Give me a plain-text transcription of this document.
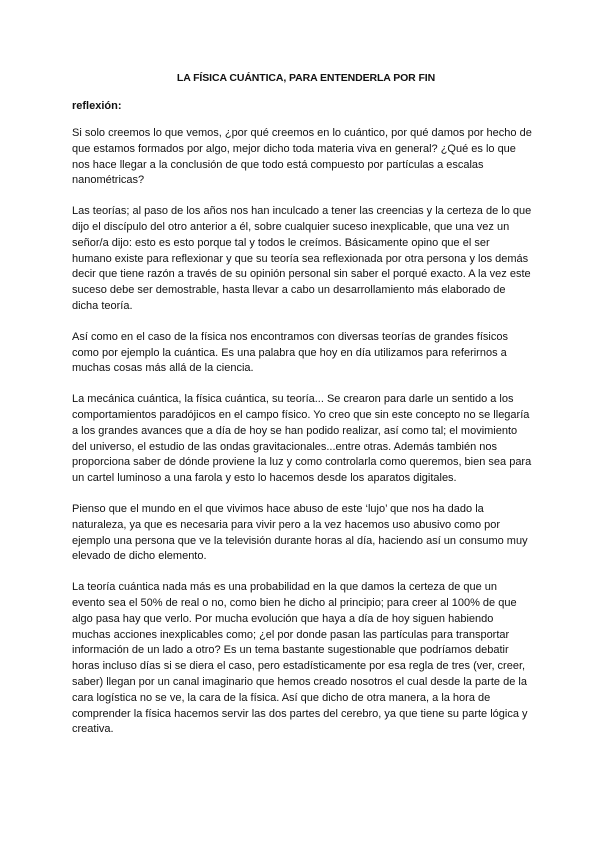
LA FÍSICA CUÁNTICA, PARA ENTENDERLA POR FIN
reflexión:

Si solo creemos lo que vemos, ¿por qué creemos en lo cuántico, por qué damos por hecho de que estamos formados por algo, mejor dicho toda materia viva en general? ¿Qué es lo que nos hace llegar a la conclusión de que todo está compuesto por partículas a escalas nanométricas?

Las teorías; al paso de los años nos han inculcado a tener las creencias y la certeza de lo que dijo el discípulo del otro anterior a él, sobre cualquier suceso inexplicable, que una vez un señor/a dijo: esto es esto porque tal y todos le creímos. Básicamente opino que el ser humano existe para reflexionar y que su teoría sea reflexionada por otra persona y los demás decir que tiene razón a través de su opinión personal sin saber el porqué exacto. A la vez este suceso debe ser demostrable, hasta llevar a cabo un desarrollamiento más elaborado de dicha teoría.

Así como en el caso de la física nos encontramos con diversas teorías de grandes físicos como por ejemplo la cuántica. Es una palabra que hoy en día utilizamos para referirnos a muchas cosas más allá de la ciencia.

La mecánica cuántica, la física cuántica, su teoría... Se crearon para darle un sentido a los comportamientos paradójicos en el campo físico. Yo creo que sin este concepto no se llegaría a los grandes avances que a día de hoy se han podido realizar, así como tal; el movimiento del universo, el estudio de las ondas gravitacionales...entre otras. Además también nos proporciona saber de dónde proviene la luz y como controlarla como queremos, bien sea para un cartel luminoso a una farola y esto lo hacemos desde los aparatos digitales.

Pienso que el mundo en el que vivimos hace abuso de este ‘lujo’ que nos ha dado la naturaleza, ya que es necesaria para vivir pero a la vez hacemos uso abusivo como por ejemplo una persona que ve la televisión durante horas al día, haciendo así un consumo muy elevado de dicho elemento.

La teoría cuántica nada más es una probabilidad en la que damos la certeza de que un evento sea el 50% de real o no, como bien he dicho al principio; para creer al 100% de que algo pasa hay que verlo. Por mucha evolución que haya a día de hoy siguen habiendo muchas acciones inexplicables como; ¿el por donde pasan las partículas para transportar información de un lado a otro? Es un tema bastante sugestionable que podríamos debatir horas incluso días si se diera el caso, pero estadísticamente por esa regla de tres (ver, creer, saber) llegan por un canal imaginario que hemos creado nosotros el cual desde la parte de la cara logística no se ve, la cara de la física. Así que dicho de otra manera, a la hora de comprender la física hacemos servir las dos partes del cerebro, ya que tiene su parte lógica y creativa.
